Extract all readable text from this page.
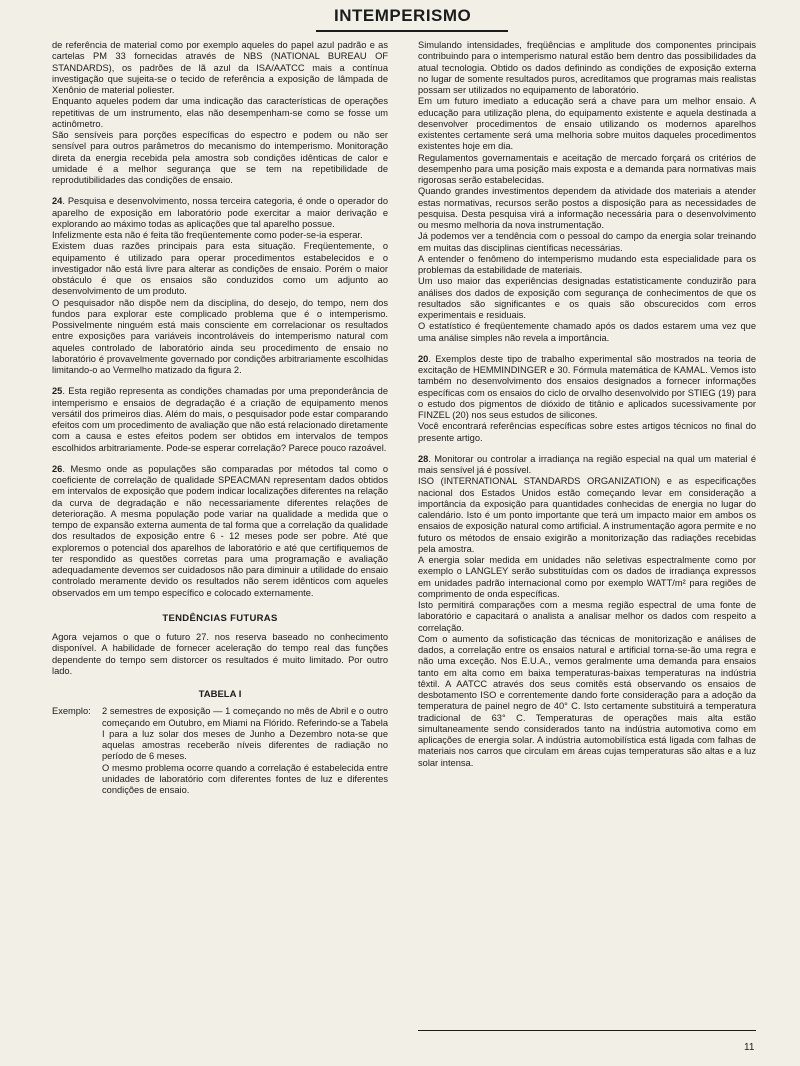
INTEMPERISMO

de referência de material como por exemplo aqueles do papel azul padrão e as cartelas PM 33 fornecidas através de NBS (NATIONAL BUREAU OF STANDARDS), os padrões de lã azul da ISA/AATCC mais a contínua investigação que sujeita-se o tecido de referência a exposição de lâmpada de Xenônio de material poliester.

Enquanto aqueles podem dar uma indicação das características de operações repetitivas de um instrumento, elas não desempenham-se como se fosse um actinômetro.

São sensíveis para porções específicas do espectro e podem ou não ser sensível para outros parâmetros do mecanismo do intemperismo. Monitoração direta da energia recebida pela amostra sob condições idênticas de calor e umidade é a melhor segurança que se tem na repetibilidade de reprodutibilidades das condições de ensaio.

24. Pesquisa e desenvolvimento, nossa terceira categoria, é onde o operador do aparelho de exposição em laboratório pode exercitar a maior derivação e explorando ao máximo todas as aplicações que tal aparelho possue.

Infelizmente esta não é feita tão freqüentemente como poder-se-ia esperar.

Existem duas razões principais para esta situação. Freqüentemente, o equipamento é utilizado para operar procedimentos estabelecidos e o investigador não está livre para alterar as condições de ensaio. Porém o maior obstáculo é que os ensaios são conduzidos como um adjunto ao desenvolvimento de um produto.

O pesquisador não dispõe nem da disciplina, do desejo, do tempo, nem dos fundos para explorar este complicado problema que é o intemperismo. Possivelmente ninguém está mais consciente em correlacionar os resultados entre exposições para variáveis incontroláveis do intemperismo natural com aqueles controlado de laboratório ainda seu procedimento de ensaio no laboratório é provavelmente governado por condições arbitrariamente escolhidas limitando-o ao Vermelho matizado da figura 2.

25. Esta região representa as condições chamadas por uma preponderância de intemperismo e ensaios de degradação é a criação de equipamento menos versátil dos primeiros dias. Além do mais, o pesquisador pode estar comparando efeitos com um procedimento de avaliação que não está relacionado diretamente com a causa e estes efeitos podem ser obtidos em intervalos de tempos escolhidos arbitrariamente. Pode-se esperar correlação? Parece pouco razoável.

26. Mesmo onde as populações são comparadas por métodos tal como o coeficiente de correlação de qualidade SPEACMAN representam dados obtidos em intervalos de exposição que podem indicar localizações diferentes na relação da curva de degradação e não necessariamente diferentes relações de deterioração. A mesma população pode variar na qualidade a medida que o tempo de expansão externa aumenta de tal forma que a correlação da qualidade dos resultados de exposição entre 6 - 12 meses pode ser pobre. Até que exploremos o potencial dos aparelhos de laboratório e até que certifiquemos de ter respondido as questões corretas para uma programação e avaliação adequadamente devemos ser cuidadosos não para diminuir a utilidade do ensaio controlado meramente devido os resultados não serem idênticos com aqueles observados em um tempo específico e colocado externamente.

TENDÊNCIAS FUTURAS

Agora vejamos o que o futuro 27. nos reserva baseado no conhecimento disponível. A habilidade de fornecer aceleração do tempo real das funções dependente do tempo sem distorcer os resultados é muito limitado. Por outro lado.

TABELA I
Exemplo:	2 semestres de exposição — 1 começando no mês de Abril e o outro começando em Outubro, em Miami na Flórido. Referindo-se a Tabela I para a luz solar dos meses de Junho a Dezembro nota-se que aquelas amostras receberão níveis diferentes de radiação no período de 6 meses.

O mesmo problema ocorre quando a correlação é estabelecida entre unidades de laboratório com diferentes fontes de luz e diferentes condições de ensaio.

Simulando intensidades, freqüências e amplitude dos componentes principais contribuindo para o intemperismo natural estão bem dentro das possibilidades da atual tecnologia. Obtido os dados definindo as condições de exposição externa no lugar de somente resultados puros, acreditamos que programas mais realistas possam ser utilizados no equipamento de laboratório.

Em um futuro imediato a educação será a chave para um melhor ensaio. A educação para utilização plena, do equipamento existente e aquela destinada a desenvolver procedimentos de ensaio utilizando os modernos aparelhos existentes certamente será uma melhoria sobre muitos daqueles procedimentos existentes hoje em dia.

Regulamentos governamentais e aceitação de mercado forçará os critérios de desempenho para uma posição mais exposta e a demanda para normativas mais rigorosas serão estabelecidas.

Quando grandes investimentos dependem da atividade dos materiais a atender estas normativas, recursos serão postos a disposição para as necessidades de pesquisa. Desta pesquisa virá a informação necessária para o desenvolvimento ou mesmo melhoria da nova instrumentação.

Já podemos ver a tendência com o pessoal do campo da energia solar treinando em muitas das disciplinas científicas necessárias.

A entender o fenômeno do intemperismo mudando esta especialidade para os problemas da estabilidade de materiais.

Um uso maior das experiências designadas estatisticamente conduzirão para análises dos dados de exposição com segurança de conhecimentos de que os resultados são significantes e os quais são obscurecidos com erros experimentais e residuais.

O estatístico é freqüentemente chamado após os dados estarem uma vez que uma análise simples não revela a importância.

20. Exemplos deste tipo de trabalho experimental são mostrados na teoria de excitação de HEMMINDINGER e 30. Fórmula matemática de KAMAL. Vemos isto também no desenvolvimento dos ensaios designados a fornecer informações específicas com os ensaios do ciclo de orvalho desenvolvido por STIEG (19) para o estudo dos pigmentos de dióxido de titânio e aplicados sucessivamente por FINZEL (20) nos seus estudos de silicones.

Você encontrará referências específicas sobre estes artigos técnicos no final do presente artigo.

28. Monitorar ou controlar a irradiança na região especial na qual um material é mais sensível já é possível.

ISO (INTERNATIONAL STANDARDS ORGANIZATION) e as especificações nacional dos Estados Unidos estão começando levar em consideração a importância da exposição para quantidades conhecidas de energia no lugar do calendário. Isto é um ponto importante que terá um impacto maior em ambos os ensaios de exposição natural como artificial. A instrumentação agora permite e no futuro os métodos de ensaio exigirão a monitorização das radiações recebidas pela amostra.

A energia solar medida em unidades não seletivas espectralmente como por exemplo o LANGLEY serão substituídas com os dados de irradiança expressos em unidades padrão internacional como por exemplo WATT/m² para regiões de comprimento de onda específicas.

Isto permitirá comparações com a mesma região espectral de uma fonte de laboratório e capacitará o analista a analisar melhor os dados com respeito a correlação.

Com o aumento da sofisticação das técnicas de monitorização e análises de dados, a correlação entre os ensaios natural e artificial torna-se-ão uma regra e não uma exceção. Nos E.U.A., vemos geralmente uma demanda para ensaios tanto em alta como em baixa temperaturas-baixas temperaturas na indústria têxtil. A AATCC através dos seus comitês está observando os ensaios de desbotamento ISO e correntemente dando forte consideração para a adoção da temperatura de painel negro de 40° C. Isto certamente substituirá a temperatura tradicional de 63° C. Temperaturas de operações mais alta estão simultaneamente sendo considerados tanto na indústria automotiva como em aplicações de energia solar. A indústria automobilística está ligada com falhas de materiais nos carros que circulam em áreas cujas temperaturas são altas e a luz solar intensa.

11
